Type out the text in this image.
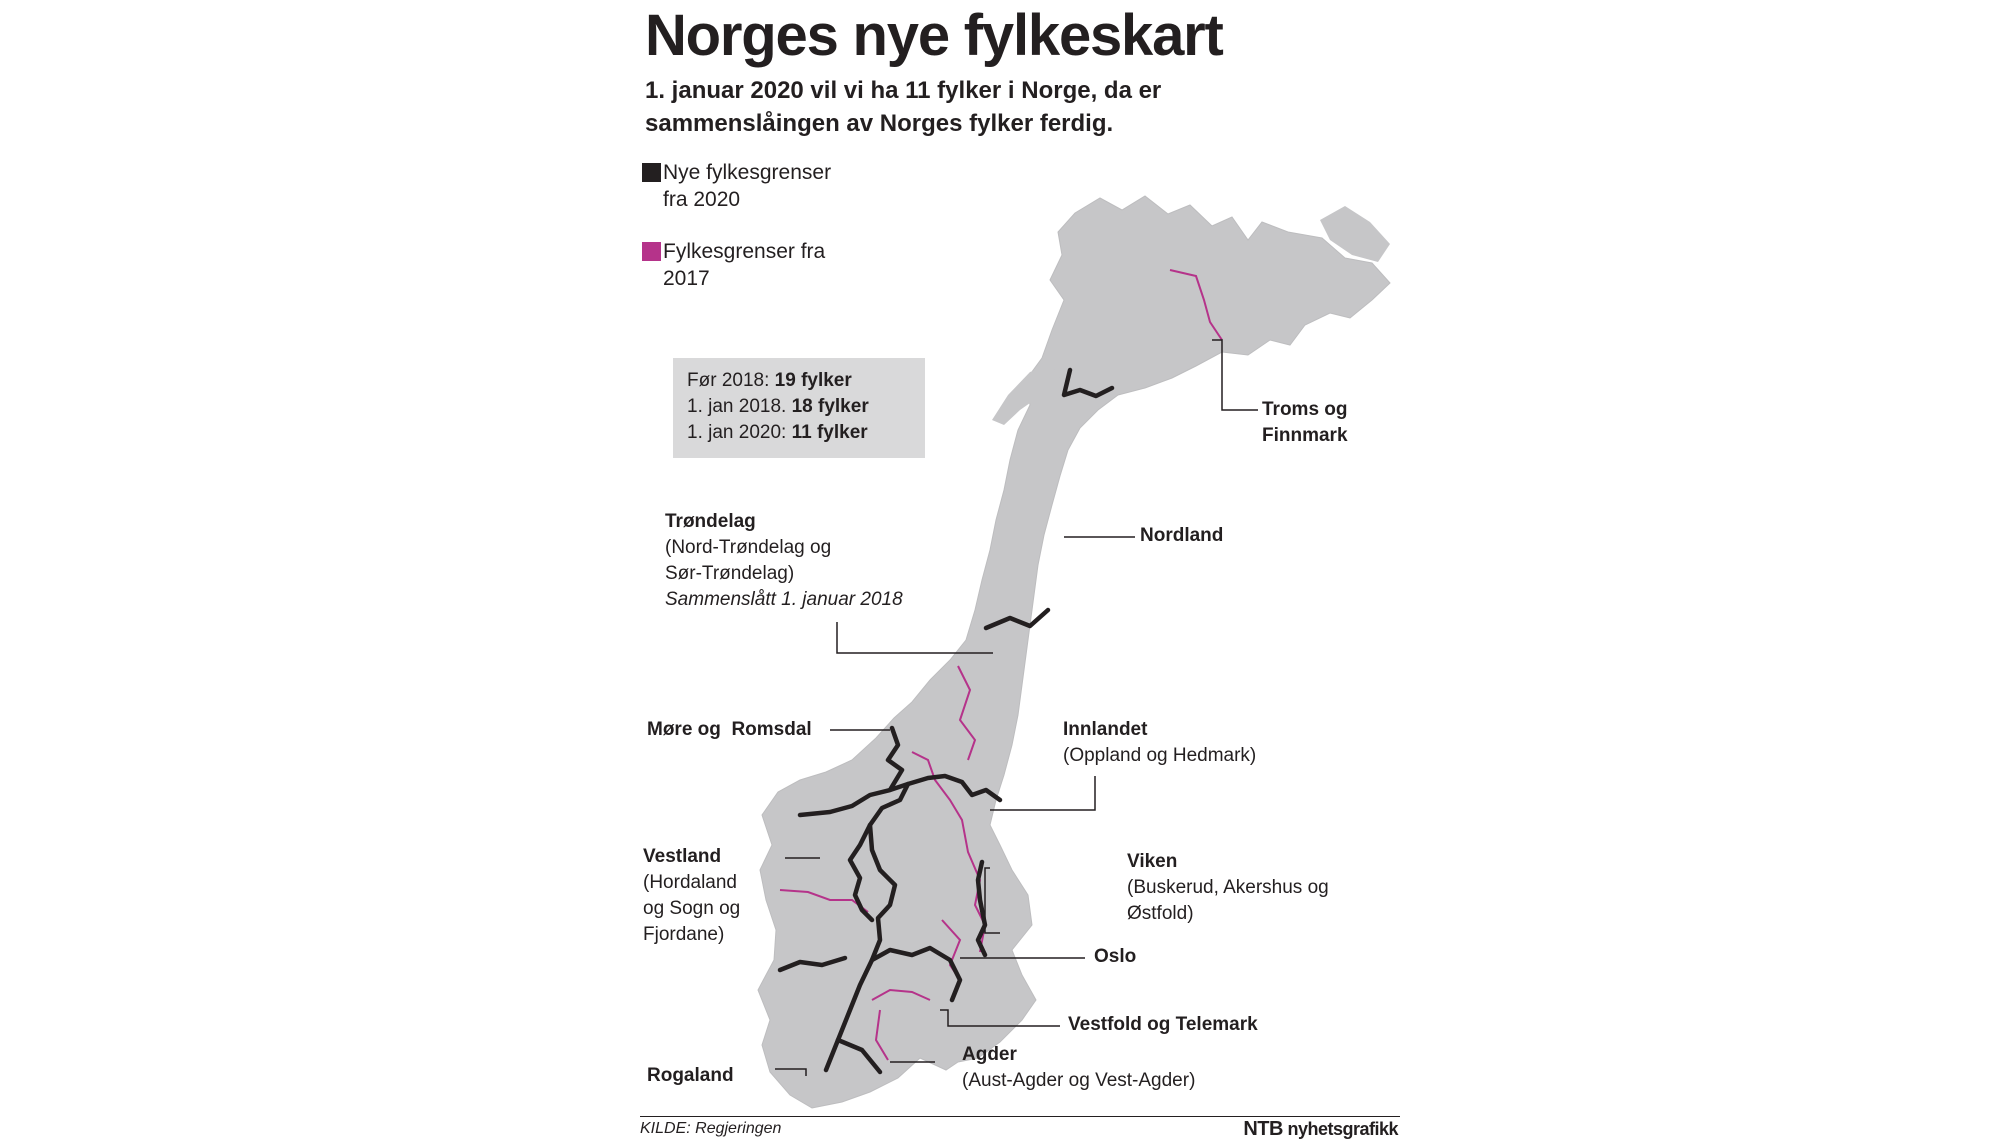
Norges nye fylkeskart
1. januar 2020 vil vi ha 11 fylker i Norge, da er
sammenslåingen av Norges fylker ferdig.
Nye fylkesgrenser
fra 2020
Fylkesgrenser fra
2017
Før 2018: 19 fylker
1. jan 2018. 18 fylker
1. jan 2020: 11 fylker
Troms og
Finnmark
Nordland
Trøndelag
(Nord-Trøndelag og
Sør-Trøndelag)
Sammenslått 1. januar 2018
Møre og  Romsdal	Innlandet
(Oppland og Hedmark)
Vestland
(Hordaland
og Sogn og
Fjordane)
Viken
(Buskerud, Akershus og
Østfold)
Oslo
Vestfold og Telemark
Agder
(Aust-Agder og Vest-Agder)
Rogaland
KILDE: Regjeringen	NTB nyhetsgrafikk
